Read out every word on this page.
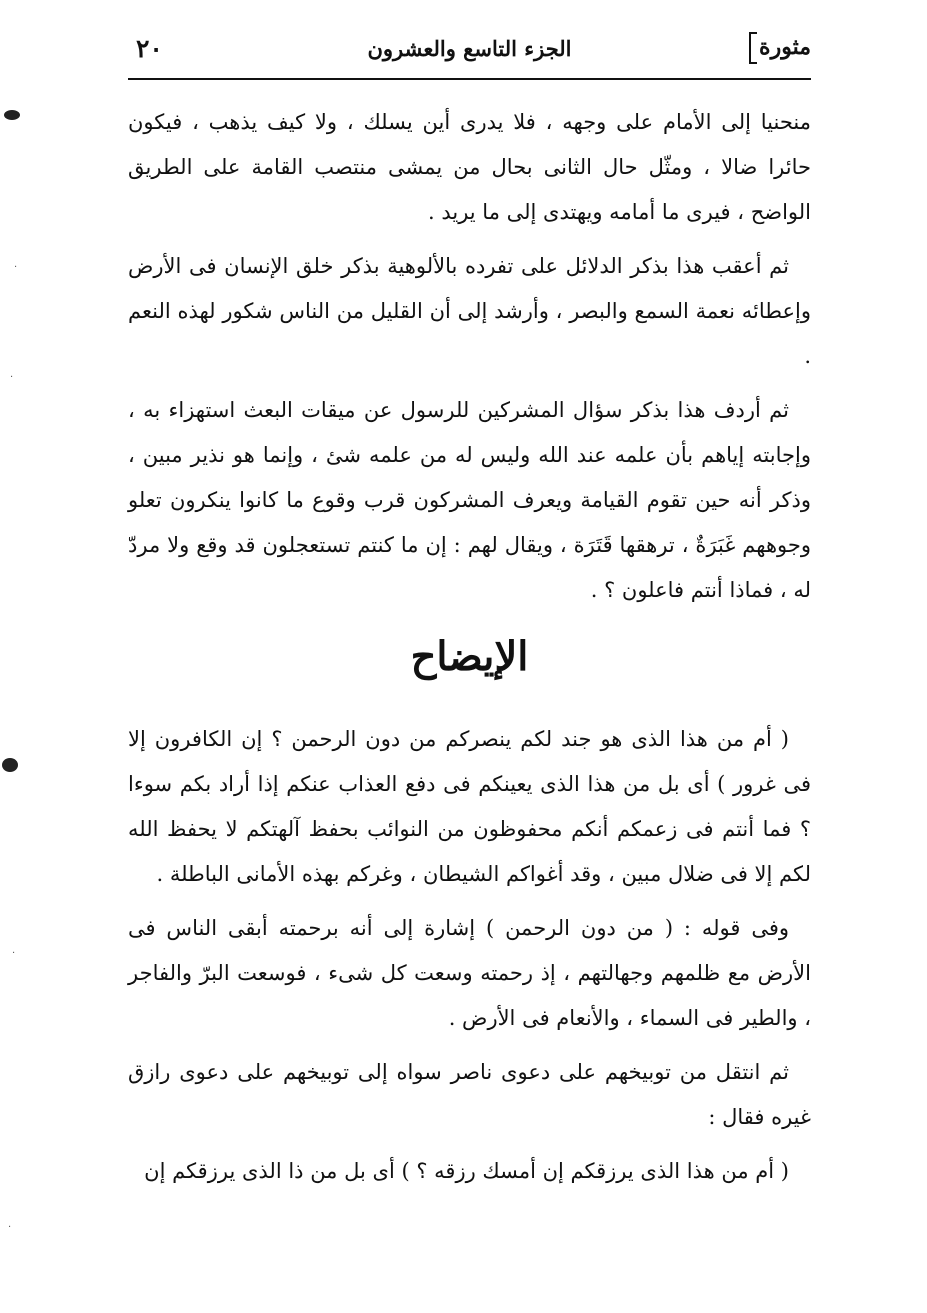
٢٠	الجزء التاسع والعشرون	مثورة

منحنيا إلى الأمام على وجهه ، فلا يدرى أين يسلك ، ولا كيف يذهب ، فيكون حائرا ضالا ، ومثّل حال الثانى بحال من يمشى منتصب القامة على الطريق الواضح ، فيرى ما أمامه ويهتدى إلى ما يريد .

ثم أعقب هذا بذكر الدلائل على تفرده بالألوهية بذكر خلق الإنسان فى الأرض وإعطائه نعمة السمع والبصر ، وأرشد إلى أن القليل من الناس شكور لهذه النعم .

ثم أردف هذا بذكر سؤال المشركين للرسول عن ميقات البعث استهزاء به ، وإجابته إياهم بأن علمه عند الله وليس له من علمه شئ ، وإنما هو نذير مبين ، وذكر أنه حين تقوم القيامة ويعرف المشركون قرب وقوع ما كانوا ينكرون تعلو وجوههم غَبَرَةٌ ، ترهقها قَتَرَة ، ويقال لهم : إن ما كنتم تستعجلون قد وقع ولا مردّ له ، فماذا أنتم فاعلون ؟ .

الإيضاح

( أم من هذا الذى هو جند لكم ينصركم من دون الرحمن ؟ إن الكافرون إلا فى غرور ) أى بل من هذا الذى يعينكم فى دفع العذاب عنكم إذا أراد بكم سوءا ؟ فما أنتم فى زعمكم أنكم محفوظون من النوائب بحفظ آلهتكم لا يحفظ الله لكم إلا فى ضلال مبين ، وقد أغواكم الشيطان ، وغركم بهذه الأمانى الباطلة .

وفى قوله : ( من دون الرحمن ) إشارة إلى أنه برحمته أبقى الناس فى الأرض مع ظلمهم وجهالتهم ، إذ رحمته وسعت كل شىء ، فوسعت البرّ والفاجر ، والطير فى السماء ، والأنعام فى الأرض .

ثم انتقل من توبيخهم على دعوى ناصر سواه إلى توبيخهم على دعوى رازق غيره فقال :

( أم من هذا الذى يرزقكم إن أمسك رزقه ؟ ) أى بل من ذا الذى يرزقكم إن

·
·
·
·
